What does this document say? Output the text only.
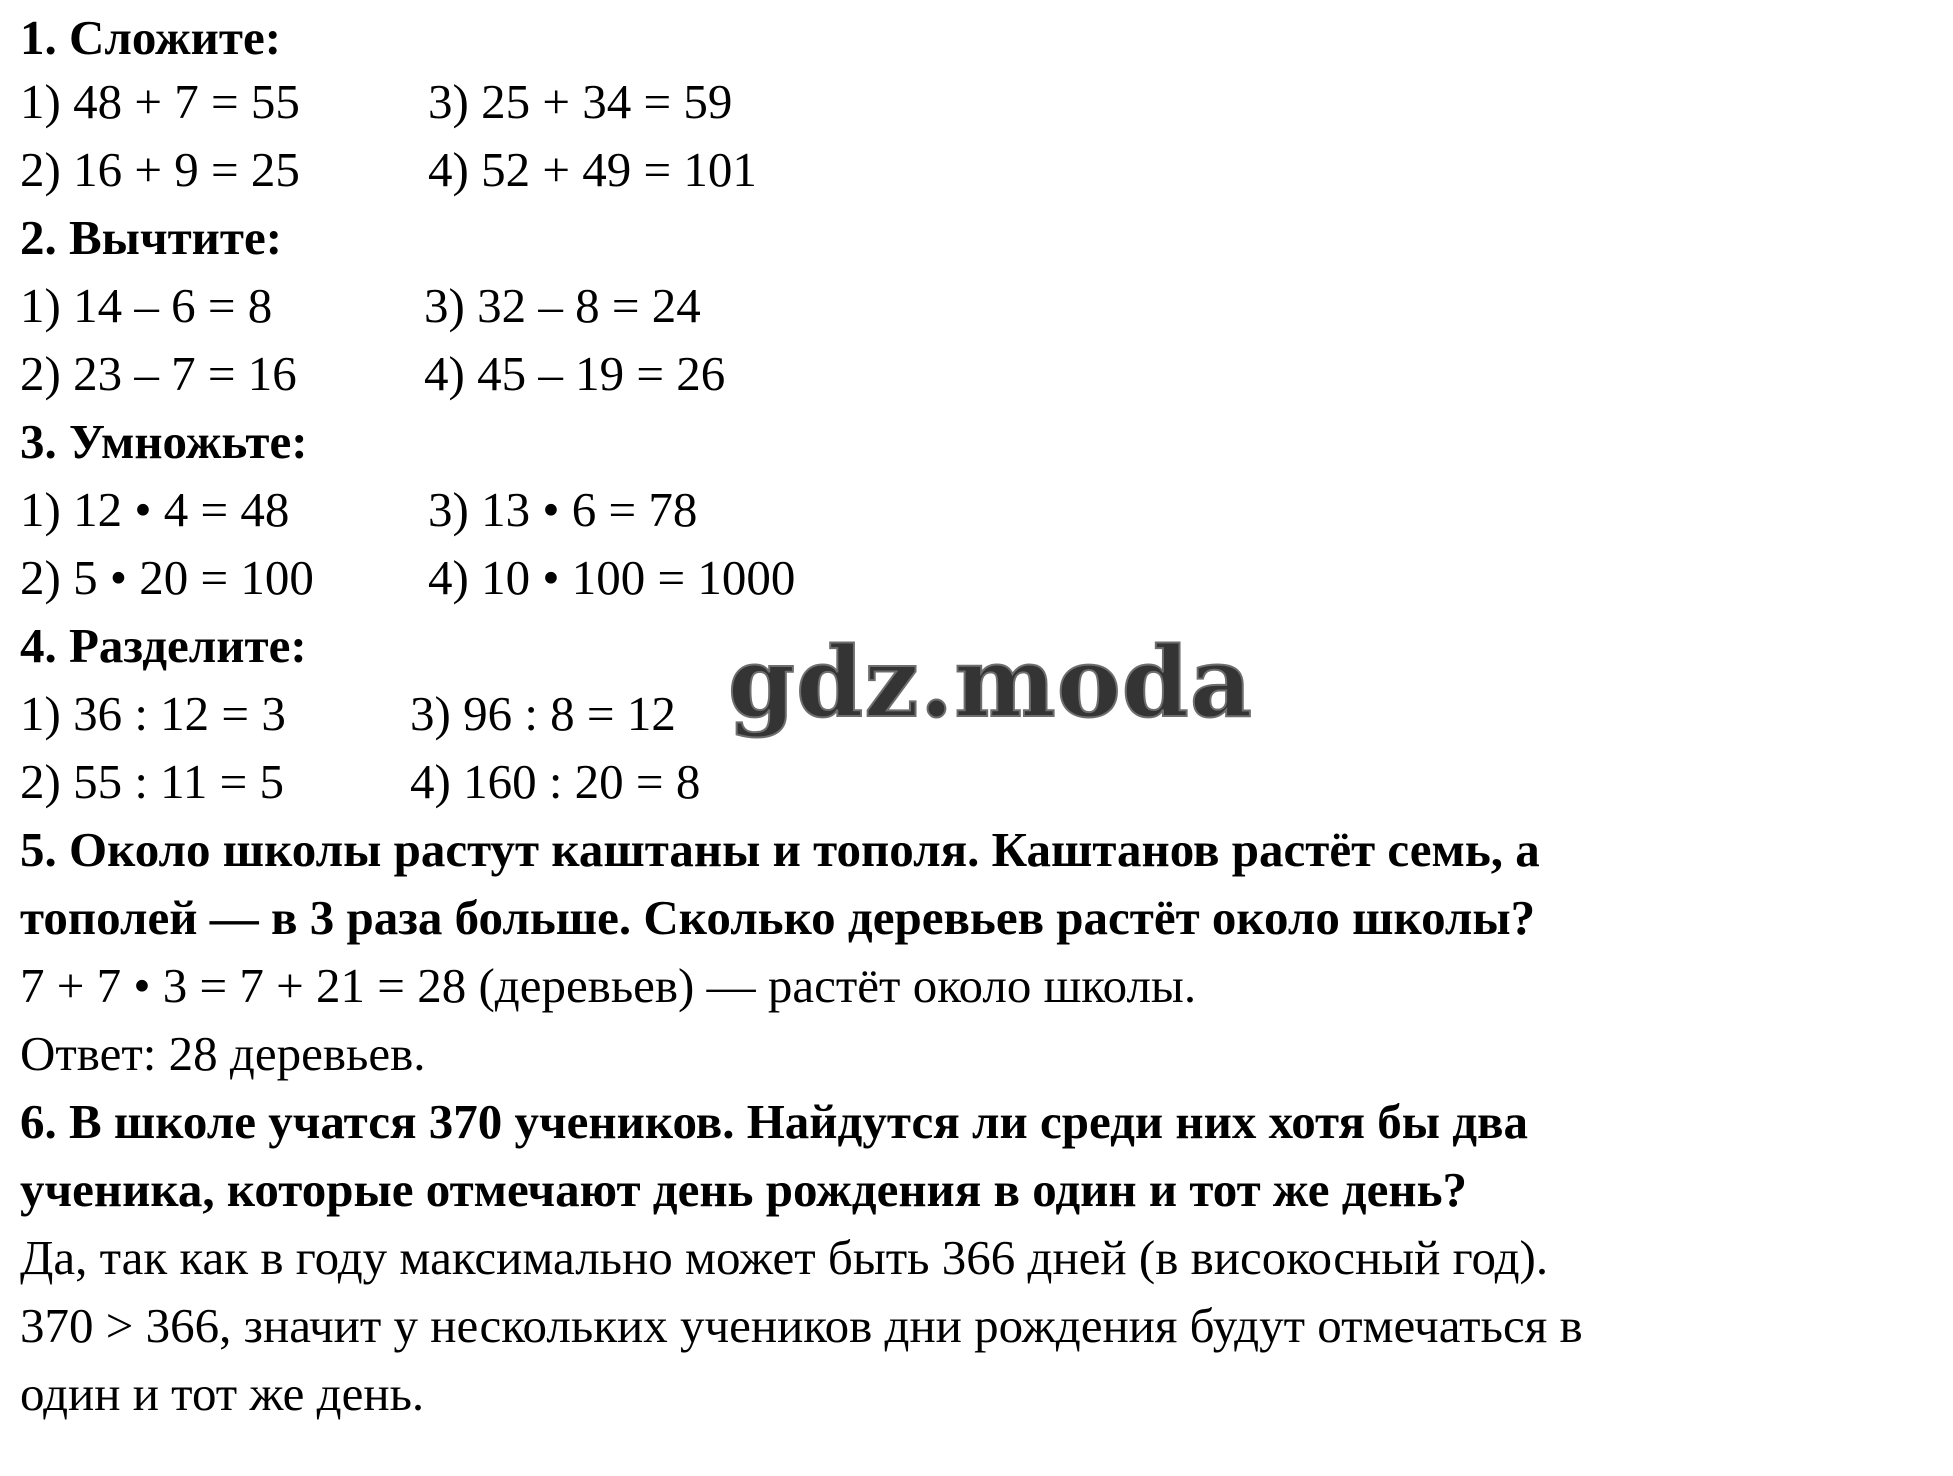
1. Сложите:
1) 48 + 7 = 55	3) 25 + 34 = 59
2) 16 + 9 = 25	4) 52 + 49 = 101
2. Вычтите:
1) 14 – 6 = 8	3) 32 – 8 = 24
2) 23 – 7 = 16	4) 45 – 19 = 26
3. Умножьте:
1) 12 • 4 = 48	3) 13 • 6 = 78
2) 5 • 20 = 100 4) 10 • 100 = 1000
4. Разделите:
1) 36 : 12 = 3	3) 96 : 8 = 12
2) 55 : 11 = 5	4) 160 : 20 = 8
5. Около школы растут каштаны и тополя. Каштанов растёт семь, а
тополей — в 3 раза больше. Сколько деревьев растёт около школы?
7 + 7 • 3 = 7 + 21 = 28 (деревьев) — растёт около школы.
Ответ: 28 деревьев.
6. В школе учатся 370 учеников. Найдутся ли среди них хотя бы два
ученика, которые отмечают день рождения в один и тот же день?
Да, так как в году максимально может быть 366 дней (в високосный год).
370 > 366, значит у нескольких учеников дни рождения будут отмечаться в
один и тот же день.
gdz.moda
